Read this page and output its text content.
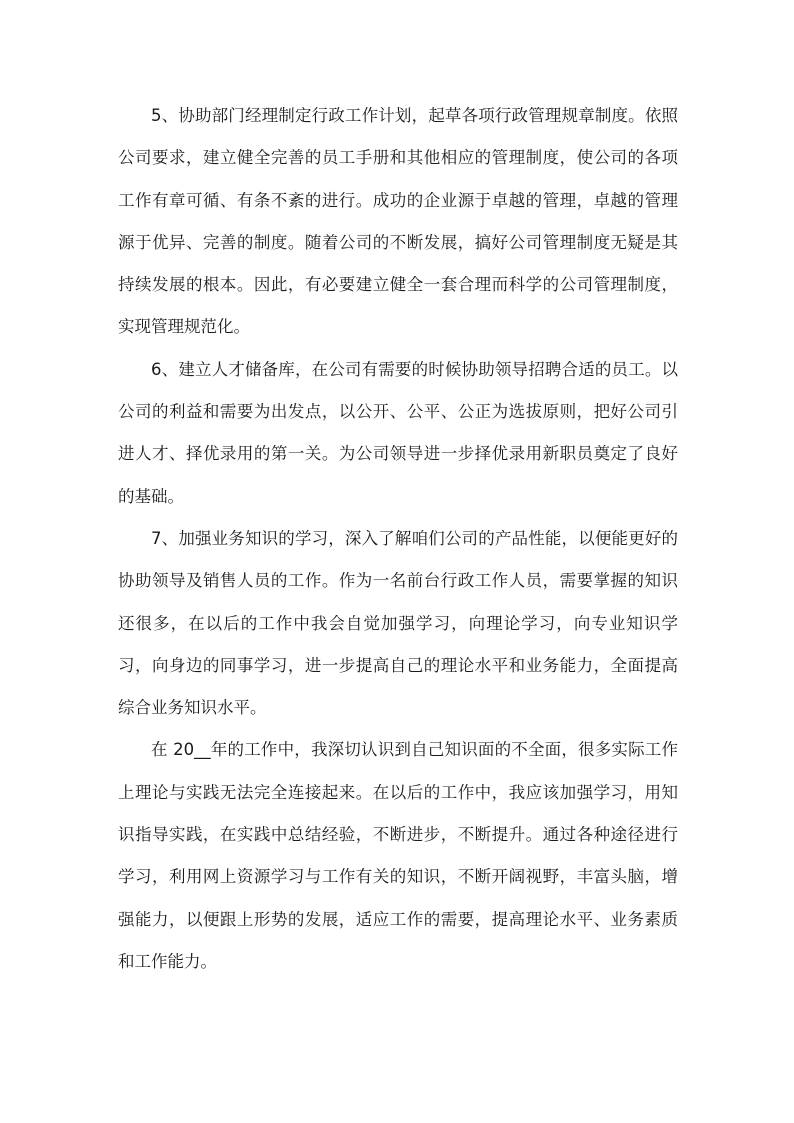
5、协助部门经理制定行政工作计划，起草各项行政管理规章制度。依照公司要求，建立健全完善的员工手册和其他相应的管理制度，使公司的各项工作有章可循、有条不紊的进行。成功的企业源于卓越的管理，卓越的管理源于优异、完善的制度。随着公司的不断发展，搞好公司管理制度无疑是其持续发展的根本。因此，有必要建立健全一套合理而科学的公司管理制度，实现管理规范化。

6、建立人才储备库，在公司有需要的时候协助领导招聘合适的员工。以公司的利益和需要为出发点，以公开、公平、公正为选拔原则，把好公司引进人才、择优录用的第一关。为公司领导进一步择优录用新职员奠定了良好的基础。

7、加强业务知识的学习，深入了解咱们公司的产品性能，以便能更好的协助领导及销售人员的工作。作为一名前台行政工作人员，需要掌握的知识还很多，在以后的工作中我会自觉加强学习，向理论学习，向专业知识学习，向身边的同事学习，进一步提高自己的理论水平和业务能力，全面提高综合业务知识水平。

在 20__年的工作中，我深切认识到自己知识面的不全面，很多实际工作上理论与实践无法完全连接起来。在以后的工作中，我应该加强学习，用知识指导实践，在实践中总结经验，不断进步，不断提升。通过各种途径进行学习，利用网上资源学习与工作有关的知识，不断开阔视野，丰富头脑，增强能力，以便跟上形势的发展，适应工作的需要，提高理论水平、业务素质和工作能力。
